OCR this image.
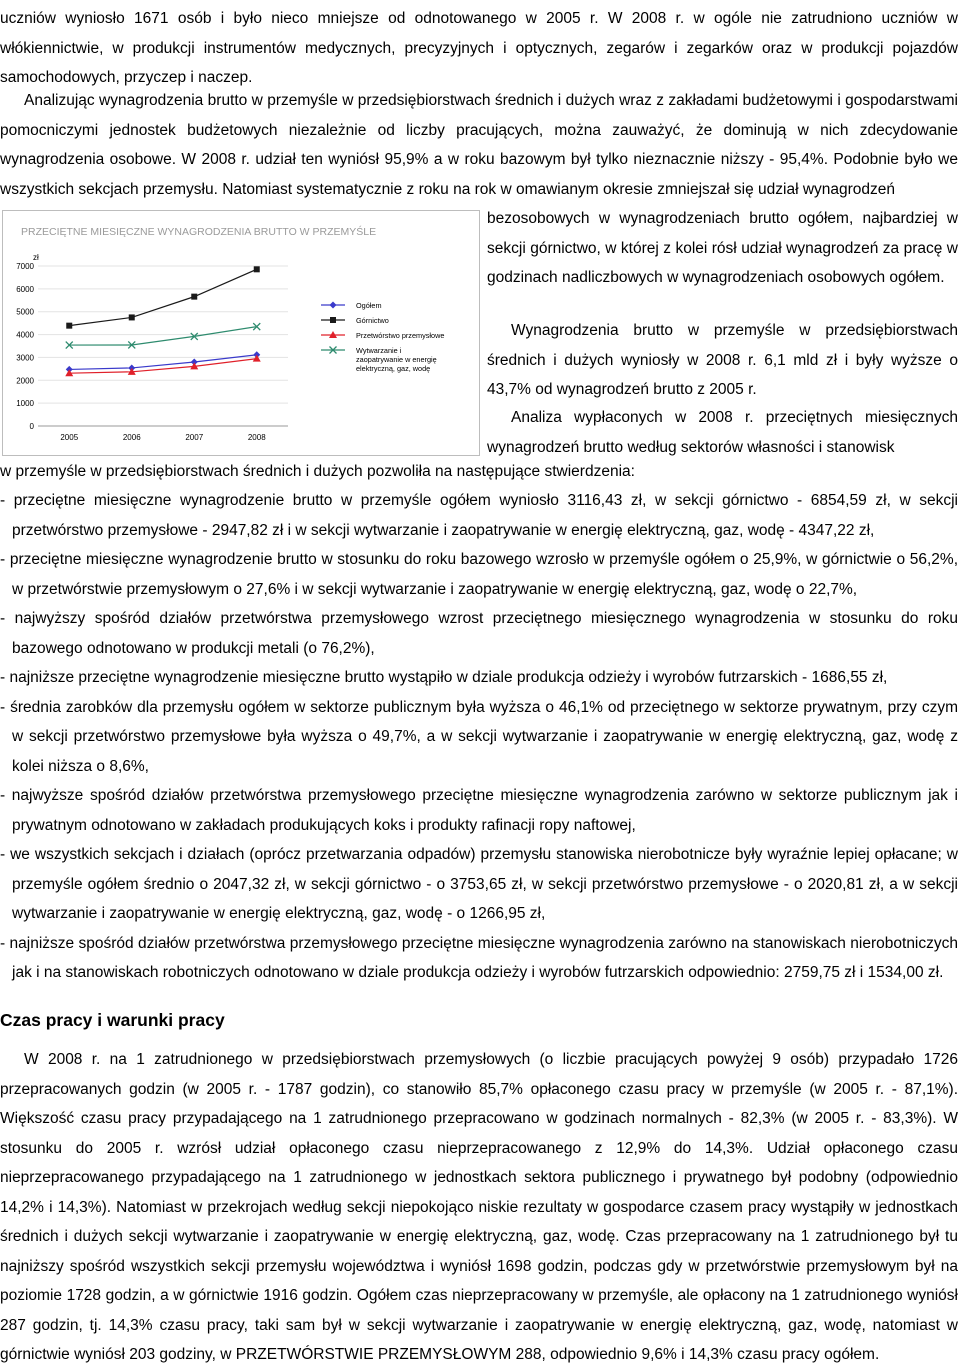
uczniów wyniosło 1671 osób i było nieco mniejsze od odnotowanego w 2005 r. W 2008 r. w ogóle nie zatrudniono uczniów w włókiennictwie, w produkcji instrumentów medycznych, precyzyjnych i optycznych, zegarów i zegarków oraz w produkcji pojazdów samochodowych, przyczep i naczep.

Analizując wynagrodzenia brutto w przemyśle w przedsiębiorstwach średnich i dużych wraz z zakładami budżetowymi i gospodarstwami pomocniczymi jednostek budżetowych niezależnie od liczby pracujących, można zauważyć, że dominują w nich zdecydowanie wynagrodzenia osobowe. W 2008 r. udział ten wyniósł 95,9% a w roku bazowym był tylko nieznacznie niższy - 95,4%. Podobnie było we wszystkich sekcjach przemysłu. Natomiast systematycznie z roku na rok w omawianym okresie zmniejszał się udział wynagrodzeń

PRZECIĘTNE MIESIĘCZNE WYNAGRODZENIA BRUTTO W PRZEMYŚLE
zł
0
1000
2000
3000
4000
5000
6000
7000
2005	2006	2007	2008
Ogółem
Górnictwo
Przetwórstwo przemysłowe
Wytwarzanie i zaopatrywanie w energię elektryczną, gaz, wodę

bezosobowych w wynagrodzeniach brutto ogółem, najbardziej w sekcji górnictwo, w której z kolei rósł udział wynagrodzeń za pracę w godzinach nadliczbowych w wynagrodzeniach osobowych ogółem.

Wynagrodzenia brutto w przemyśle w przedsiębiorstwach średnich i dużych wyniosły w 2008 r. 6,1 mld zł i były wyższe o 43,7% od wynagrodzeń brutto z 2005 r.

Analiza wypłaconych w 2008 r. przeciętnych miesięcznych wynagrodzeń brutto według sektorów własności i stanowisk

w przemyśle w przedsiębiorstwach średnich i dużych pozwoliła na następujące stwierdzenia:

- przeciętne miesięczne wynagrodzenie brutto w przemyśle ogółem wyniosło 3116,43 zł, w sekcji górnictwo - 6854,59 zł, w sekcji przetwórstwo przemysłowe - 2947,82 zł i w sekcji wytwarzanie i zaopatrywanie w energię elektryczną, gaz, wodę - 4347,22 zł,
- przeciętne miesięczne wynagrodzenie brutto w stosunku do roku bazowego wzrosło w przemyśle ogółem o 25,9%, w górnictwie o 56,2%, w przetwórstwie przemysłowym o 27,6% i w sekcji wytwarzanie i zaopatrywanie w energię elektryczną, gaz, wodę o 22,7%,
- najwyższy spośród działów przetwórstwa przemysłowego wzrost przeciętnego miesięcznego wynagrodzenia w stosunku do roku bazowego odnotowano w produkcji metali (o 76,2%),
- najniższe przeciętne wynagrodzenie miesięczne brutto wystąpiło w dziale produkcja odzieży i wyrobów futrzarskich - 1686,55 zł,
- średnia zarobków dla przemysłu ogółem w sektorze publicznym była wyższa o 46,1% od przeciętnego w sektorze prywatnym, przy czym w sekcji przetwórstwo przemysłowe była wyższa o 49,7%, a w sekcji wytwarzanie i zaopatrywanie w energię elektryczną, gaz, wodę z kolei niższa o 8,6%,
- najwyższe spośród działów przetwórstwa przemysłowego przeciętne miesięczne wynagrodzenia zarówno w sektorze publicznym jak i prywatnym odnotowano w zakładach produkujących koks i produkty rafinacji ropy naftowej,
- we wszystkich sekcjach i działach (oprócz przetwarzania odpadów) przemysłu stanowiska nierobotnicze były wyraźnie lepiej opłacane; w przemyśle ogółem średnio o 2047,32 zł, w sekcji górnictwo - o 3753,65 zł, w sekcji przetwórstwo przemysłowe - o 2020,81 zł, a w sekcji wytwarzanie i zaopatrywanie w energię elektryczną, gaz, wodę - o 1266,95 zł,
- najniższe spośród działów przetwórstwa przemysłowego przeciętne miesięczne wynagrodzenia zarówno na stanowiskach nierobotniczych jak i na stanowiskach robotniczych odnotowano w dziale produkcja odzieży i wyrobów futrzarskich odpowiednio: 2759,75 zł i 1534,00 zł.
Czas pracy i warunki pracy

W 2008 r. na 1 zatrudnionego w przedsiębiorstwach przemysłowych (o liczbie pracujących powyżej 9 osób) przypadało 1726 przepracowanych godzin (w 2005 r. - 1787 godzin), co stanowiło 85,7% opłaconego czasu pracy w przemyśle (w 2005 r. - 87,1%). Większość czasu pracy przypadającego na 1 zatrudnionego przepracowano w godzinach normalnych - 82,3% (w 2005 r. - 83,3%). W stosunku do 2005 r. wzrósł udział opłaconego czasu nieprzepracowanego z 12,9% do 14,3%. Udział opłaconego czasu nieprzepracowanego przypadającego na 1 zatrudnionego w jednostkach sektora publicznego i prywatnego był podobny (odpowiednio 14,2% i 14,3%). Natomiast w przekrojach według sekcji niepokojąco niskie rezultaty w gospodarce czasem pracy wystąpiły w jednostkach średnich i dużych sekcji wytwarzanie i zaopatrywanie w energię elektryczną, gaz, wodę. Czas przepracowany na 1 zatrudnionego był tu najniższy spośród wszystkich sekcji przemysłu województwa i wyniósł 1698 godzin, podczas gdy w przetwórstwie przemysłowym był na poziomie 1728 godzin, a w górnictwie 1916 godzin. Ogółem czas nieprzepracowany w przemyśle, ale opłacony na 1 zatrudnionego wyniósł 287 godzin, tj. 14,3% czasu pracy, taki sam był w sekcji wytwarzanie i zaopatrywanie w energię elektryczną, gaz, wodę, natomiast w górnictwie wyniósł 203 godziny, w PRZETWÓRSTWIE PRZEMYSŁOWYM 288, odpowiednio 9,6% i 14,3% czasu pracy ogółem.
